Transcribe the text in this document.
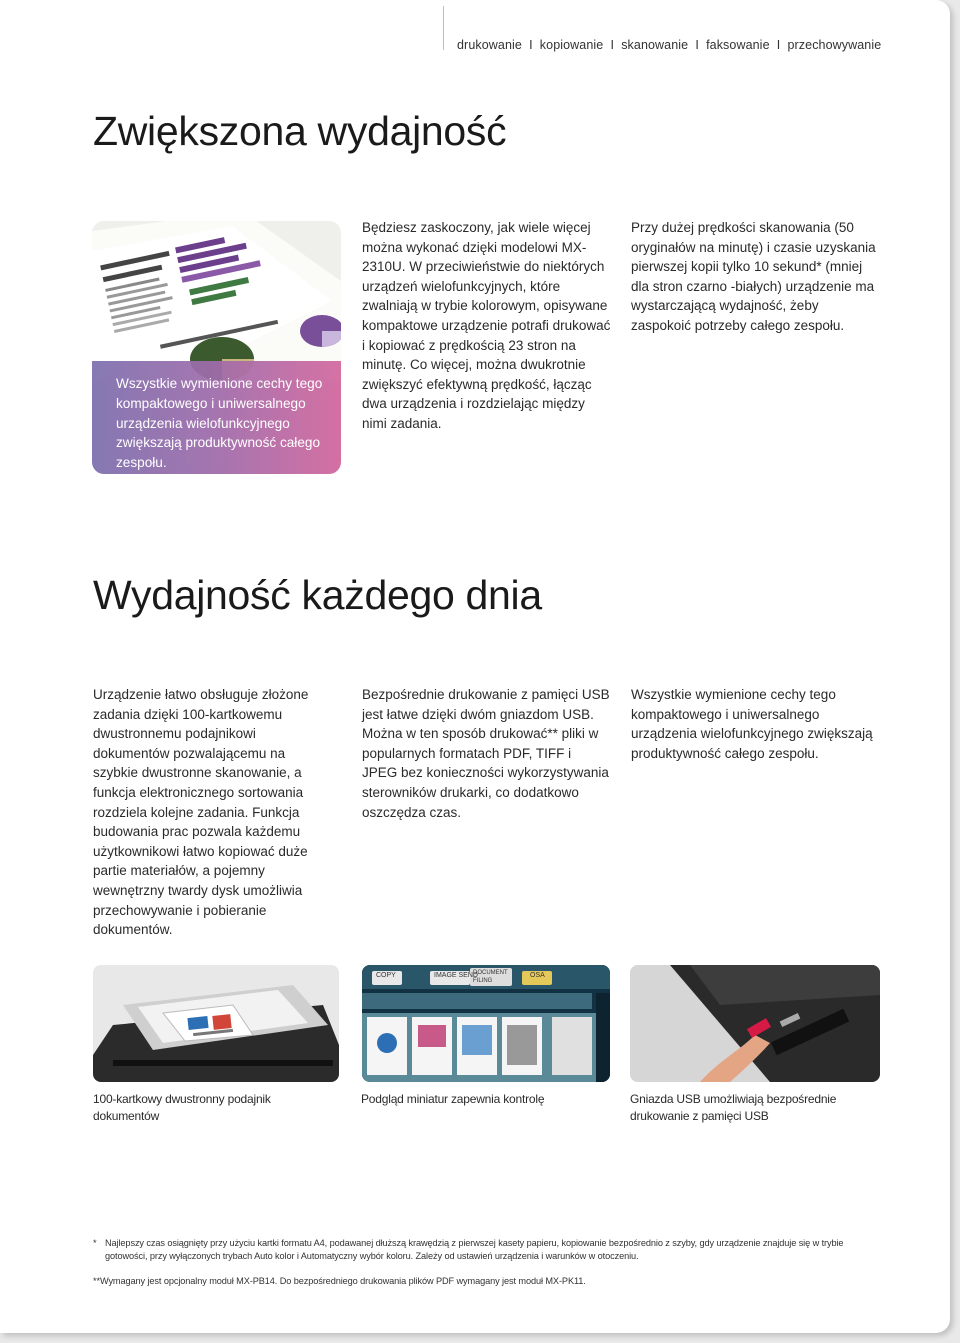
drukowanie  I  kopiowanie  I  skanowanie  I  faksowanie  I  przechowywanie
Zwiększona wydajność
Wszystkie wymienione cechy tego kompaktowego i uniwersalnego urządzenia wielofunkcyjnego zwiększają produktywność całego zespołu.

Będziesz zaskoczony, jak wiele więcej można wykonać dzięki modelowi MX-2310U. W przeciwieństwie do niektórych urządzeń wielofunkcyjnych, które zwalniają w trybie kolorowym, opisywane kompaktowe urządzenie potrafi drukować i kopiować z prędkością 23 stron na minutę. Co więcej, można dwukrotnie zwiększyć efektywną prędkość, łącząc dwa urządzenia i rozdzielając między nimi zadania.

Przy dużej prędkości skanowania (50 oryginałów na minutę) i czasie uzyskania pierwszej kopii tylko 10 sekund* (mniej dla stron czarno -białych) urządzenie ma wystarczającą wydajność, żeby zaspokoić potrzeby całego zespołu.

Wydajność każdego dnia

Urządzenie łatwo obsługuje złożone zadania dzięki 100-kartkowemu dwustronnemu podajnikowi dokumentów pozwalającemu na szybkie dwustronne skanowanie, a funkcja elektronicznego sortowania rozdziela kolejne zadania. Funkcja budowania prac pozwala każdemu użytkownikowi łatwo kopiować duże partie materiałów, a pojemny wewnętrzny twardy dysk umożliwia przechowywanie i pobieranie dokumentów.

Bezpośrednie drukowanie z pamięci USB jest łatwe dzięki dwóm gniazdom USB. Można w ten sposób drukować** pliki w popularnych formatach PDF, TIFF i JPEG bez konieczności wykorzystywania sterowników drukarki, co dodatkowo oszczędza czas.

Wszystkie wymienione cechy tego kompaktowego i uniwersalnego urządzenia wielofunkcyjnego zwiększają produktywność całego zespołu.

COPY	IMAGE SEND
DOCUMENT FILING
OSA
100-kartkowy dwustronny podajnik dokumentów
Podgląd miniatur zapewnia kontrolę	Gniazda USB umożliwiają bezpośrednie drukowanie z pamięci USB
* Najlepszy czas osiągnięty przy użyciu kartki formatu A4, podawanej dłuższą krawędzią z pierwszej kasety papieru, kopiowanie bezpośrednio z szyby, gdy urządzenie znajduje się w trybie gotowości, przy wyłączonych trybach Auto kolor i Automatyczny wybór koloru. Zależy od ustawień urządzenia i warunków w otoczeniu.
**Wymagany jest opcjonalny moduł MX-PB14. Do bezpośredniego drukowania plików PDF wymagany jest moduł MX-PK11.
